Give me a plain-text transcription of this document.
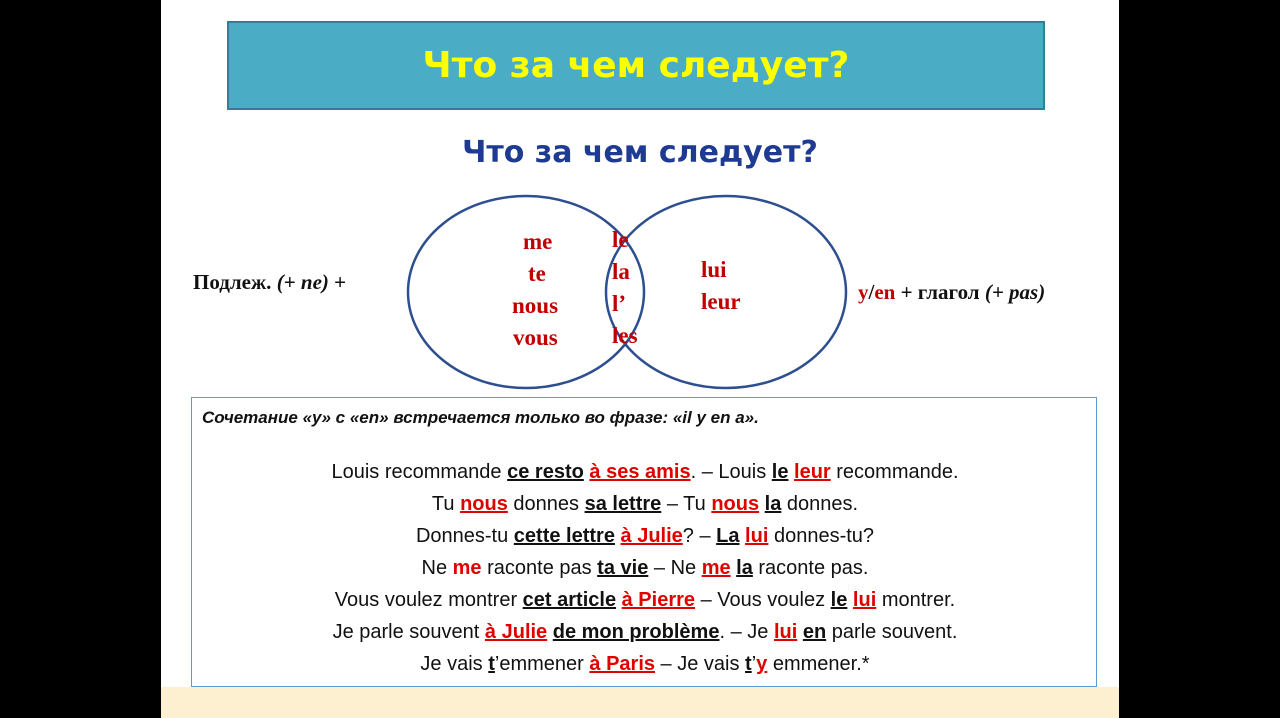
Что за чем следует?
Что за чем следует?
me
te
nous
vous
le
la
l’
les
lui
leur
Подлеж. (+ ne) +	y/en + глагол (+ pas)
Сочетание «y» с «en» встречается только во фразе: «il y en a».
Louis recommande ce resto à ses amis. – Louis le leur recommande.
Tu nous donnes sa lettre – Tu nous la donnes.
Donnes-tu cette lettre à Julie? – La lui donnes-tu?
Ne me raconte pas ta vie – Ne me la raconte pas.
Vous voulez montrer cet article à Pierre – Vous voulez le lui montrer.
Je parle souvent à Julie de mon problème. – Je lui en parle souvent.
Je vais t’emmener à Paris – Je vais t’y emmener.*
